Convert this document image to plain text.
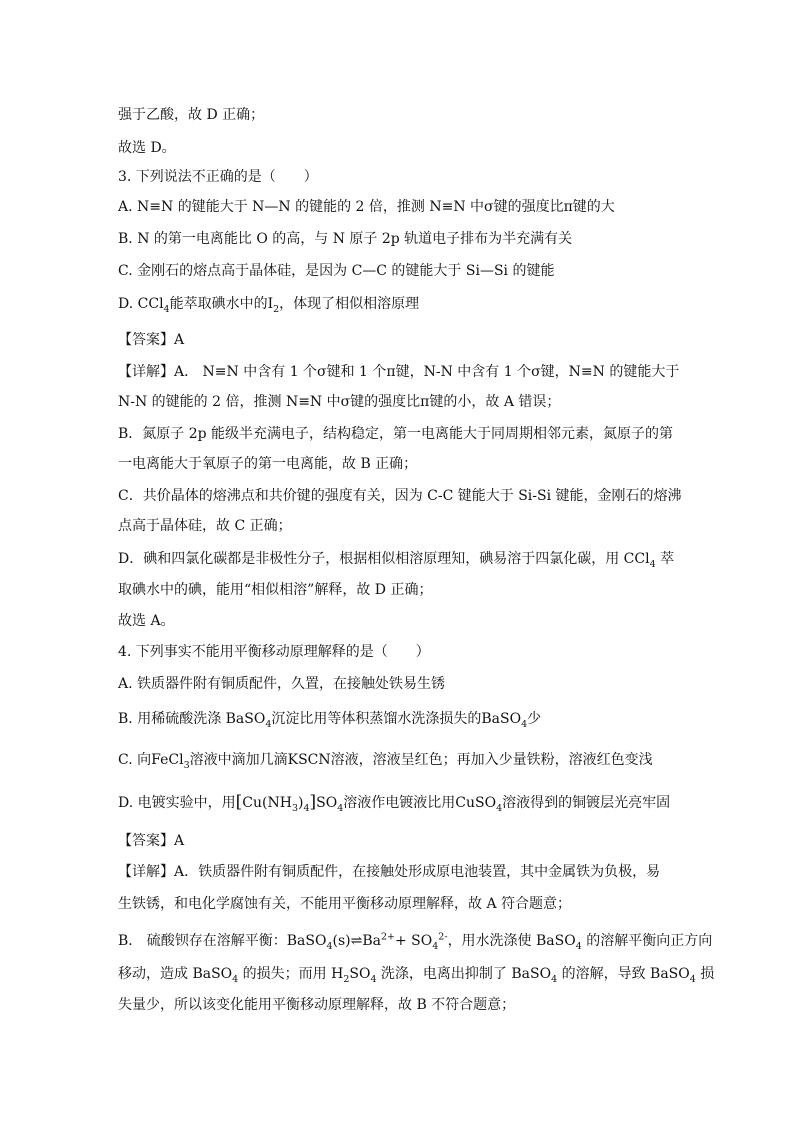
强于乙酸，故 D 正确；
故选 D。
3. 下列说法不正确的是（　　）
A. N≡N 的键能大于 N—N 的键能的 2 倍，推测 N≡N 中σ键的强度比π键的大
B. N 的第一电离能比 O 的高，与 N 原子 2p 轨道电子排布为半充满有关
C. 金刚石的熔点高于晶体硅，是因为 C—C 的键能大于 Si—Si 的键能
D. CCl$_4$能萃取碘水中的$I_2$，体现了相似相溶原理
【答案】A
【详解】A． N≡N 中含有 1 个σ键和 1 个π键，N-N 中含有 1 个σ键，N≡N 的键能大于
N-N 的键能的 2 倍，推测 N≡N 中σ键的强度比π键的小，故 A 错误；
B．氮原子 2p 能级半充满电子，结构稳定，第一电离能大于同周期相邻元素，氮原子的第
一电离能大于氧原子的第一电离能，故 B 正确；
C．共价晶体的熔沸点和共价键的强度有关，因为 C-C 键能大于 Si-Si 键能，金刚石的熔沸
点高于晶体硅，故 C 正确；
D．碘和四氯化碳都是非极性分子，根据相似相溶原理知，碘易溶于四氯化碳，用 CCl$_4$ 萃
取碘水中的碘，能用“相似相溶”解释，故 D 正确；
故选 A。
4. 下列事实不能用平衡移动原理解释的是（　　）
A. 铁质器件附有铜质配件，久置，在接触处铁易生锈
B. 用稀硫酸洗涤 BaSO$_4$沉淀比用等体积蒸馏水洗涤损失的BaSO$_4$少
C. 向FeCl$_3$溶液中滴加几滴KSCN溶液，溶液呈红色；再加入少量铁粉，溶液红色变浅
D. 电镀实验中，用$[Cu(NH_3)_4]SO_4$溶液作电镀液比用CuSO$_4$溶液得到的铜镀层光亮牢固
【答案】A
【详解】A．铁质器件附有铜质配件，在接触处形成原电池装置，其中金属铁为负极，易
生铁锈，和电化学腐蚀有关，不能用平衡移动原理解释，故 A 符合题意；
B． 硫酸钡存在溶解平衡：$BaSO_4(s)\rightleftharpoons Ba^{2+}+ SO_4^{2-}$，用水洗涤使 BaSO$_4$ 的溶解平衡向正方向
移动，造成 BaSO$_4$ 的损失；而用 $H_2SO_4$ 洗涤，电离出抑制了 BaSO$_4$ 的溶解，导致 BaSO$_4$ 损
失量少，所以该变化能用平衡移动原理解释，故 B 不符合题意；
